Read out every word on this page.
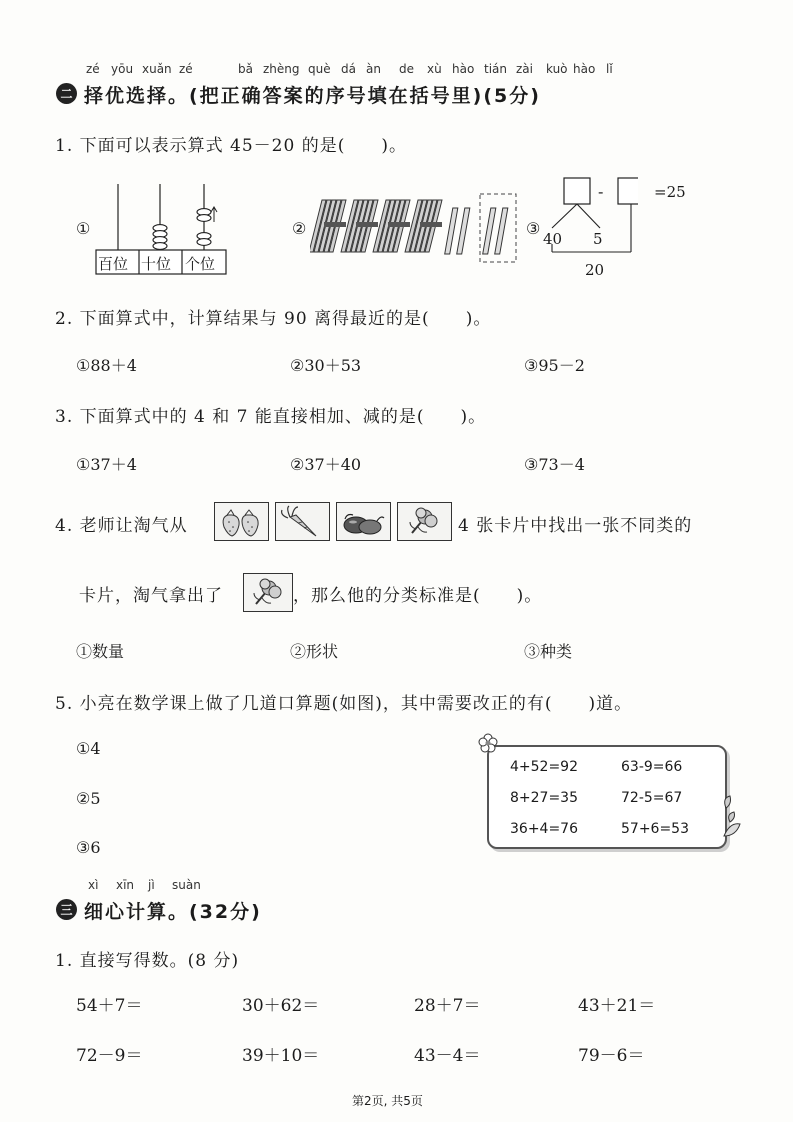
zé yōu xuǎn zé	bǎ zhèng què dá àn de xù hào tián zài kuò hào lǐ
二 择优选择。(把正确答案的序号填在括号里)(5分)
1. 下面可以表示算式 45－20 的是(　　)。
①
百位 十位 个位
②	③
-	=25
40 5
20
2. 下面算式中，计算结果与 90 离得最近的是(　　)。
①88＋4	②30＋53	③95－2
3. 下面算式中的 4 和 7 能直接相加、减的是(　　)。
①37＋4	②37＋40	③73－4
4. 老师让淘气从	4 张卡片中找出一张不同类的
卡片，淘气拿出了	，那么他的分类标准是(　　)。
①数量	②形状	③种类
5. 小亮在数学课上做了几道口算题(如图)，其中需要改正的有(　　)道。
①4
②5
③6
4+52=92	63-9=66
8+27=35	72-5=67
36+4=76	57+6=53
xì xīn jì suàn
三 细心计算。(32分)
1. 直接写得数。(8 分)
54＋7＝	30＋62＝	28＋7＝	43＋21＝
72－9＝	39＋10＝	43－4＝	79－6＝
第2页, 共5页
